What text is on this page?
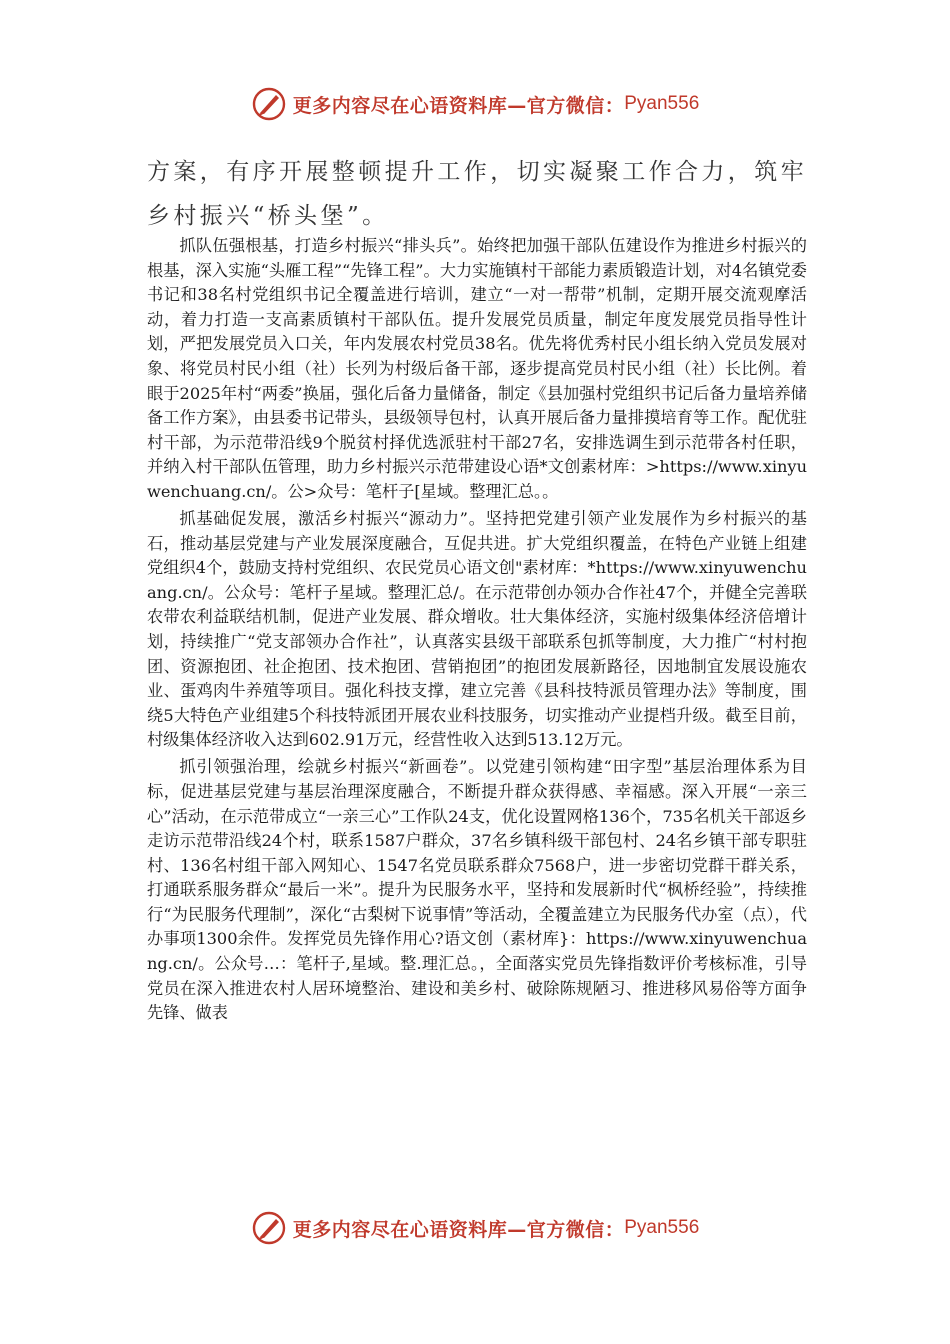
更多内容尽在心语资料库—官方微信： Pyan556
方案，有序开展整顿提升工作，切实凝聚工作合力，筑牢
乡村振兴“桥头堡”。

抓队伍强根基，打造乡村振兴“排头兵”。始终把加强干部队伍建设作为推进乡村振兴的根基，深入实施“头雁工程”“先锋工程”。大力实施镇村干部能力素质锻造计划，对4名镇党委书记和38名村党组织书记全覆盖进行培训，建立“一对一帮带”机制，定期开展交流观摩活动，着力打造一支高素质镇村干部队伍。提升发展党员质量，制定年度发展党员指导性计划，严把发展党员入口关，年内发展农村党员38名。优先将优秀村民小组长纳入党员发展对象、将党员村民小组（社）长列为村级后备干部，逐步提高党员村民小组（社）长比例。着眼于2025年村“两委”换届，强化后备力量储备，制定《县加强村党组织书记后备力量培养储备工作方案》，由县委书记带头，县级领导包村，认真开展后备力量排摸培育等工作。配优驻村干部，为示范带沿线9个脱贫村择优选派驻村干部27名，安排选调生到示范带各村任职，并纳入村干部队伍管理，助力乡村振兴示范带建设心语*文创素材库：>https://www.xinyuwenchuang.cn/。公>众号：笔杆子[星域。整理汇总。。

抓基础促发展，激活乡村振兴“源动力”。坚持把党建引领产业发展作为乡村振兴的基石，推动基层党建与产业发展深度融合，互促共进。扩大党组织覆盖，在特色产业链上组建党组织4个，鼓励支持村党组织、农民党员心语文创"素材库：*https://www.xinyuwenchuang.cn/。公众号：笔杆子星域。整理汇总/。在示范带创办领办合作社47个，并健全完善联农带农利益联结机制，促进产业发展、群众增收。壮大集体经济，实施村级集体经济倍增计划，持续推广“党支部领办合作社”，认真落实县级干部联系包抓等制度，大力推广“村村抱团、资源抱团、社企抱团、技术抱团、营销抱团”的抱团发展新路径，因地制宜发展设施农业、蛋鸡肉牛养殖等项目。强化科技支撑，建立完善《县科技特派员管理办法》等制度，围绕5大特色产业组建5个科技特派团开展农业科技服务，切实推动产业提档升级。截至目前，村级集体经济收入达到602.91万元，经营性收入达到513.12万元。

抓引领强治理，绘就乡村振兴“新画卷”。以党建引领构建“田字型”基层治理体系为目标，促进基层党建与基层治理深度融合，不断提升群众获得感、幸福感。深入开展“一亲三心”活动，在示范带成立“一亲三心”工作队24支，优化设置网格136个，735名机关干部返乡走访示范带沿线24个村，联系1587户群众，37名乡镇科级干部包村、24名乡镇干部专职驻村、136名村组干部入网知心、1547名党员联系群众7568户，进一步密切党群干群关系，打通联系服务群众“最后一米”。提升为民服务水平，坚持和发展新时代“枫桥经验”，持续推行“为民服务代理制”，深化“古梨树下说事情”等活动，全覆盖建立为民服务代办室（点），代办事项1300余件。发挥党员先锋作用心?语文创（素材库}：https://www.xinyuwenchuang.cn/。公众号…：笔杆子,星域。整.理汇总。，全面落实党员先锋指数评价考核标准，引导党员在深入推进农村人居环境整治、建设和美乡村、破除陈规陋习、推进移风易俗等方面争先锋、做表

更多内容尽在心语资料库—官方微信： Pyan556
